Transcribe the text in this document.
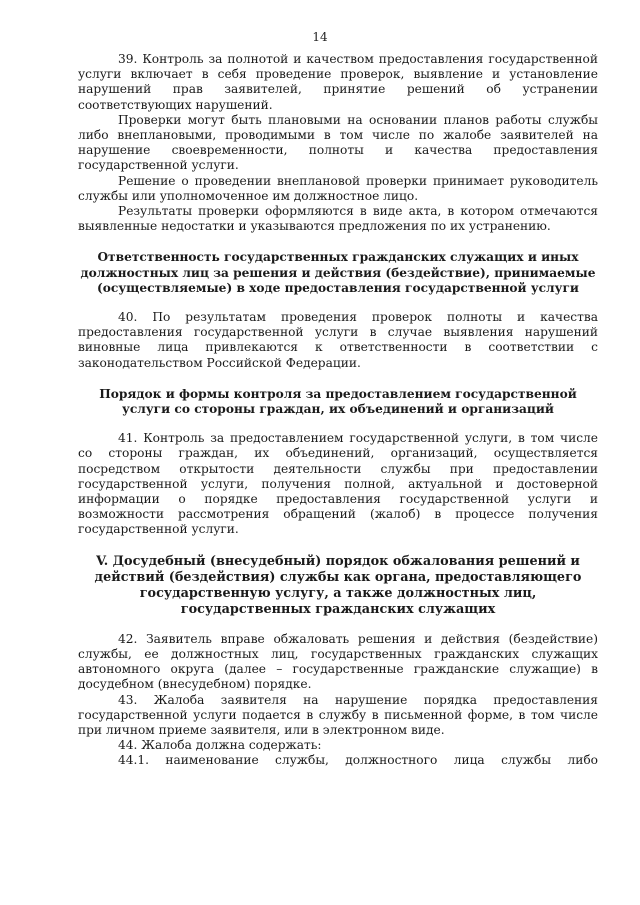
14

39. Контроль за полнотой и качеством предоставления государственной услуги включает в себя проведение проверок, выявление и установление нарушений прав заявителей, принятие решений об устранении соответствующих нарушений.

Проверки могут быть плановыми на основании планов работы службы либо внеплановыми, проводимыми в том числе по жалобе заявителей на нарушение своевременности, полноты и качества предоставления государственной услуги.

Решение о проведении внеплановой проверки принимает руководитель службы или уполномоченное им должностное лицо.

Результаты проверки оформляются в виде акта, в котором отмечаются выявленные недостатки и указываются предложения по их устранению.

Ответственность государственных гражданских служащих и иных должностных лиц за решения и действия (бездействие), принимаемые (осуществляемые) в ходе предоставления государственной услуги

40. По результатам проведения проверок полноты и качества предоставления государственной услуги в случае выявления нарушений виновные лица привлекаются к ответственности в соответствии с законодательством Российской Федерации.

Порядок и формы контроля за предоставлением государственной услуги со стороны граждан, их объединений и организаций

41. Контроль за предоставлением государственной услуги, в том числе со стороны граждан, их объединений, организаций, осуществляется посредством открытости деятельности службы при предоставлении государственной услуги, получения полной, актуальной и достоверной информации о порядке предоставления государственной услуги и возможности рассмотрения обращений (жалоб) в процессе получения государственной услуги.

V. Досудебный (внесудебный) порядок обжалования решений и действий (бездействия) службы как органа, предоставляющего государственную услугу, а также должностных лиц, государственных гражданских служащих

42. Заявитель вправе обжаловать решения и действия (бездействие) службы, ее должностных лиц, государственных гражданских служащих автономного округа (далее – государственные гражданские служащие) в досудебном (внесудебном) порядке.

43. Жалоба заявителя на нарушение порядка предоставления государственной услуги подается в службу в письменной форме, в том числе при личном приеме заявителя, или в электронном виде.

44. Жалоба должна содержать:

44.1. наименование службы, должностного лица службы либо
